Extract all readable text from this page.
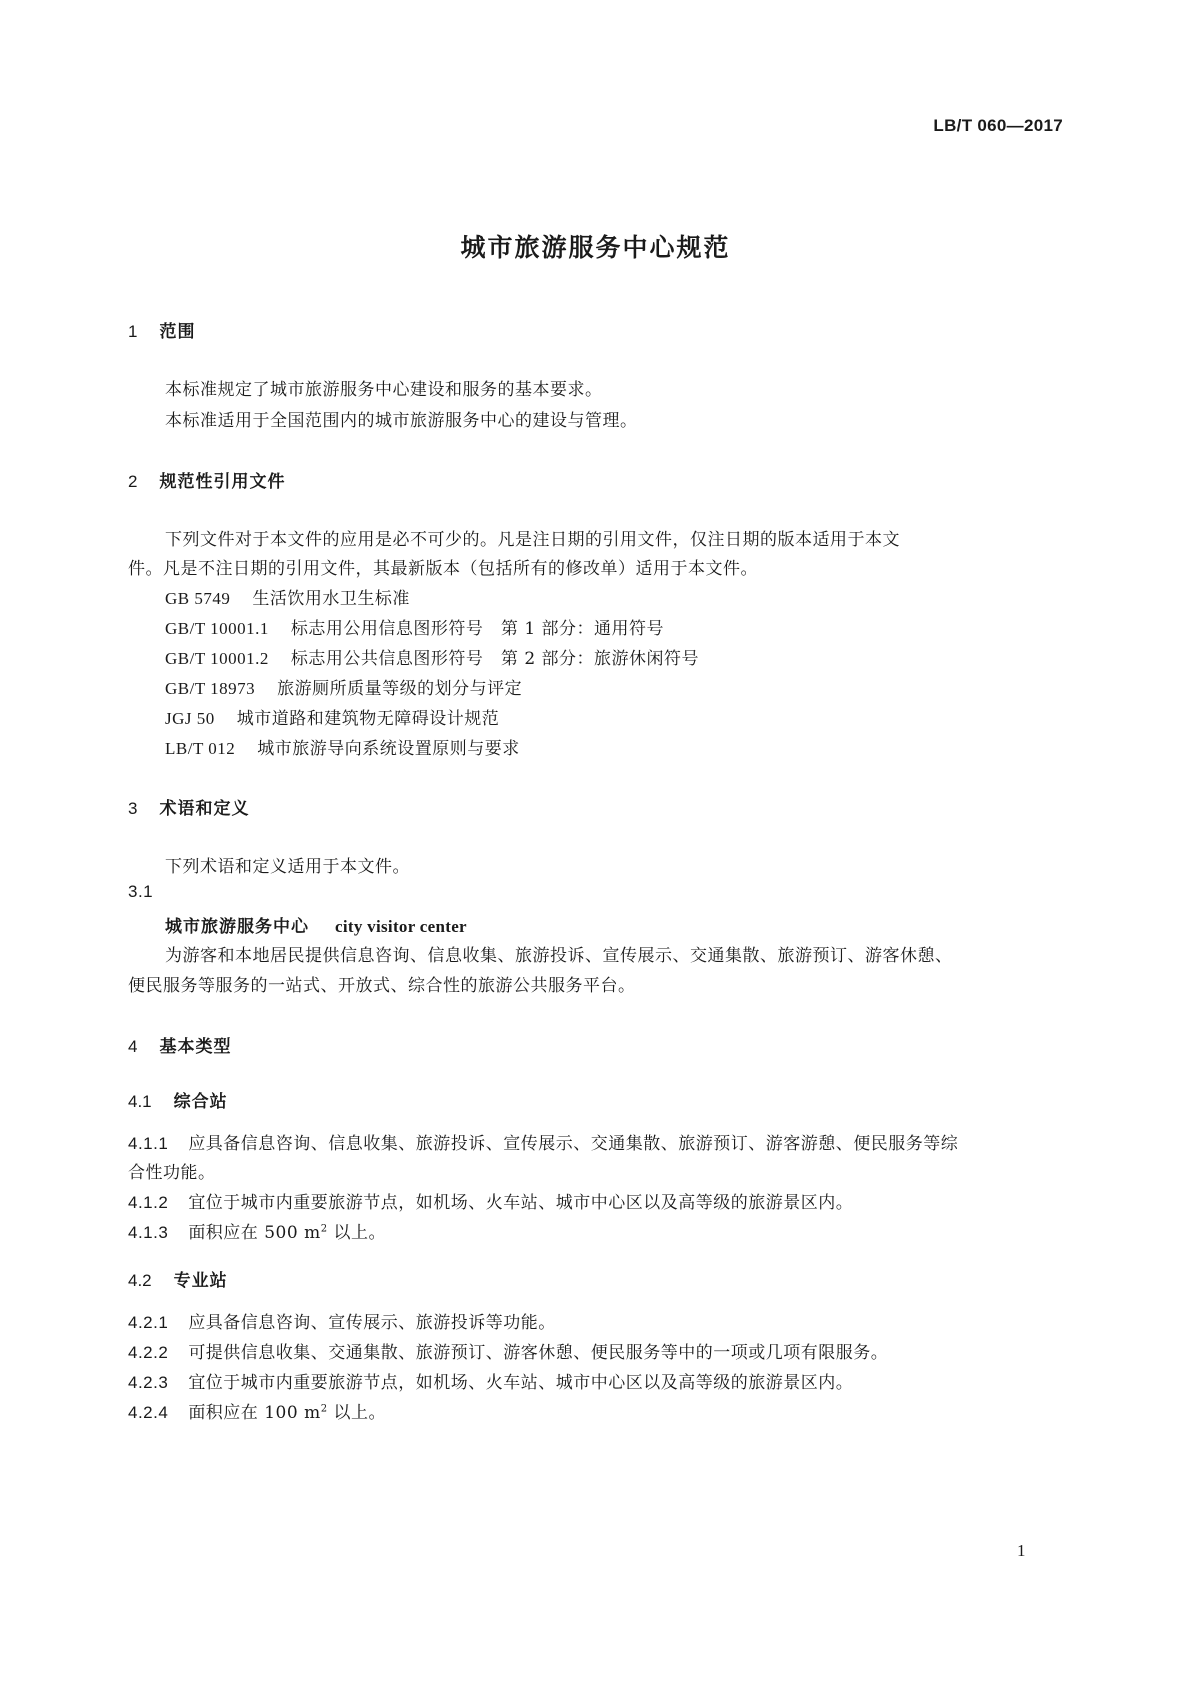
LB/T 060—2017
城市旅游服务中心规范
1 范围
本标准规定了城市旅游服务中心建设和服务的基本要求。
本标准适用于全国范围内的城市旅游服务中心的建设与管理。
2 规范性引用文件
下列文件对于本文件的应用是必不可少的。凡是注日期的引用文件，仅注日期的版本适用于本文
件。凡是不注日期的引用文件，其最新版本（包括所有的修改单）适用于本文件。
GB 5749 生活饮用水卫生标准
GB/T 10001.1 标志用公用信息图形符号　第 1 部分：通用符号
GB/T 10001.2 标志用公共信息图形符号　第 2 部分：旅游休闲符号
GB/T 18973 旅游厕所质量等级的划分与评定
JGJ 50 城市道路和建筑物无障碍设计规范
LB/T 012 城市旅游导向系统设置原则与要求
3 术语和定义
下列术语和定义适用于本文件。
3.1
城市旅游服务中心 city visitor center
为游客和本地居民提供信息咨询、信息收集、旅游投诉、宣传展示、交通集散、旅游预订、游客休憩、
便民服务等服务的一站式、开放式、综合性的旅游公共服务平台。
4 基本类型
4.1 综合站
4.1.1 应具备信息咨询、信息收集、旅游投诉、宣传展示、交通集散、旅游预订、游客游憩、便民服务等综
合性功能。
4.1.2 宜位于城市内重要旅游节点，如机场、火车站、城市中心区以及高等级的旅游景区内。
4.1.3 面积应在 500 $m^2$ 以上。
4.2 专业站
4.2.1 应具备信息咨询、宣传展示、旅游投诉等功能。
4.2.2 可提供信息收集、交通集散、旅游预订、游客休憩、便民服务等中的一项或几项有限服务。
4.2.3 宜位于城市内重要旅游节点，如机场、火车站、城市中心区以及高等级的旅游景区内。
4.2.4 面积应在 100 $m^2$ 以上。
1
